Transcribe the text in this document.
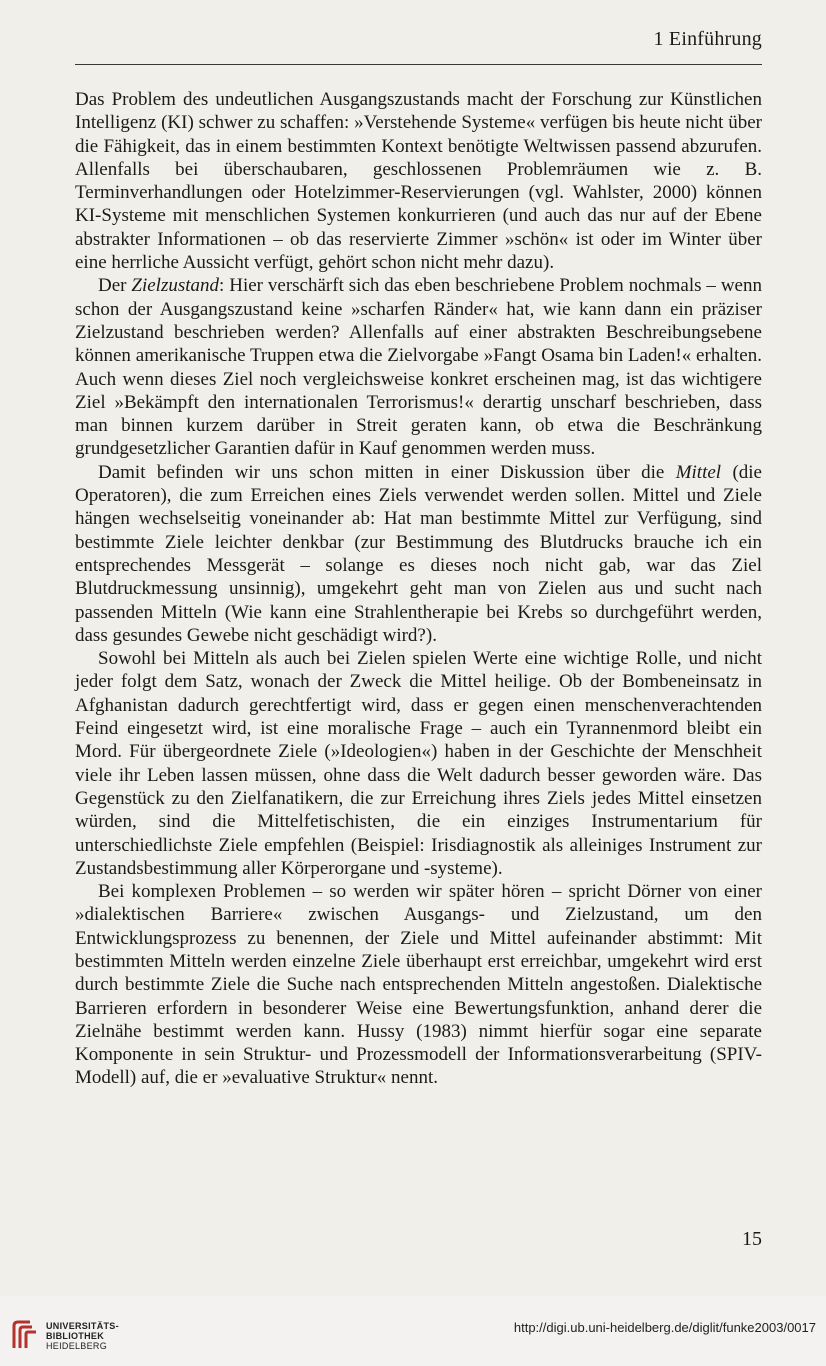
1 Einführung

Das Problem des undeutlichen Ausgangszustands macht der Forschung zur Künstlichen Intelligenz (KI) schwer zu schaffen: »Verstehende Systeme« verfügen bis heute nicht über die Fähigkeit, das in einem bestimmten Kontext benötigte Weltwissen passend abzurufen. Allenfalls bei überschaubaren, geschlossenen Problemräumen wie z. B. Terminverhandlungen oder Hotelzimmer-Reservierungen (vgl. Wahlster, 2000) können KI-Systeme mit menschlichen Systemen konkurrieren (und auch das nur auf der Ebene abstrakter Informationen – ob das reservierte Zimmer »schön« ist oder im Winter über eine herrliche Aussicht verfügt, gehört schon nicht mehr dazu).

Der Zielzustand: Hier verschärft sich das eben beschriebene Problem nochmals – wenn schon der Ausgangszustand keine »scharfen Ränder« hat, wie kann dann ein präziser Zielzustand beschrieben werden? Allenfalls auf einer abstrakten Beschreibungsebene können amerikanische Truppen etwa die Zielvorgabe »Fangt Osama bin Laden!« erhalten. Auch wenn dieses Ziel noch vergleichsweise konkret erscheinen mag, ist das wichtigere Ziel »Bekämpft den internationalen Terrorismus!« derartig unscharf beschrieben, dass man binnen kurzem darüber in Streit geraten kann, ob etwa die Beschränkung grundgesetzlicher Garantien dafür in Kauf genommen werden muss.

Damit befinden wir uns schon mitten in einer Diskussion über die Mittel (die Operatoren), die zum Erreichen eines Ziels verwendet werden sollen. Mittel und Ziele hängen wechselseitig voneinander ab: Hat man bestimmte Mittel zur Verfügung, sind bestimmte Ziele leichter denkbar (zur Bestimmung des Blutdrucks brauche ich ein entsprechendes Messgerät – solange es dieses noch nicht gab, war das Ziel Blutdruckmessung unsinnig), umgekehrt geht man von Zielen aus und sucht nach passenden Mitteln (Wie kann eine Strahlentherapie bei Krebs so durchgeführt werden, dass gesundes Gewebe nicht geschädigt wird?).

Sowohl bei Mitteln als auch bei Zielen spielen Werte eine wichtige Rolle, und nicht jeder folgt dem Satz, wonach der Zweck die Mittel heilige. Ob der Bombeneinsatz in Afghanistan dadurch gerechtfertigt wird, dass er gegen einen menschenverachtenden Feind eingesetzt wird, ist eine moralische Frage – auch ein Tyrannenmord bleibt ein Mord. Für übergeordnete Ziele (»Ideologien«) haben in der Geschichte der Menschheit viele ihr Leben lassen müssen, ohne dass die Welt dadurch besser geworden wäre. Das Gegenstück zu den Zielfanatikern, die zur Erreichung ihres Ziels jedes Mittel einsetzen würden, sind die Mittelfetischisten, die ein einziges Instrumentarium für unterschiedlichste Ziele empfehlen (Beispiel: Irisdiagnostik als alleiniges Instrument zur Zustandsbestimmung aller Körperorgane und -systeme).

Bei komplexen Problemen – so werden wir später hören – spricht Dörner von einer »dialektischen Barriere« zwischen Ausgangs- und Zielzustand, um den Entwicklungsprozess zu benennen, der Ziele und Mittel aufeinander abstimmt: Mit bestimmten Mitteln werden einzelne Ziele überhaupt erst erreichbar, umgekehrt wird erst durch bestimmte Ziele die Suche nach entsprechenden Mitteln angestoßen. Dialektische Barrieren erfordern in besonderer Weise eine Bewertungsfunktion, anhand derer die Zielnähe bestimmt werden kann. Hussy (1983) nimmt hierfür sogar eine separate Komponente in sein Struktur- und Prozessmodell der Informationsverarbeitung (SPIV-Modell) auf, die er »evaluative Struktur« nennt.

15
UNIVERSITÄTS-
BIBLIOTHEK
HEIDELBERG
http://digi.ub.uni-heidelberg.de/diglit/funke2003/0017
